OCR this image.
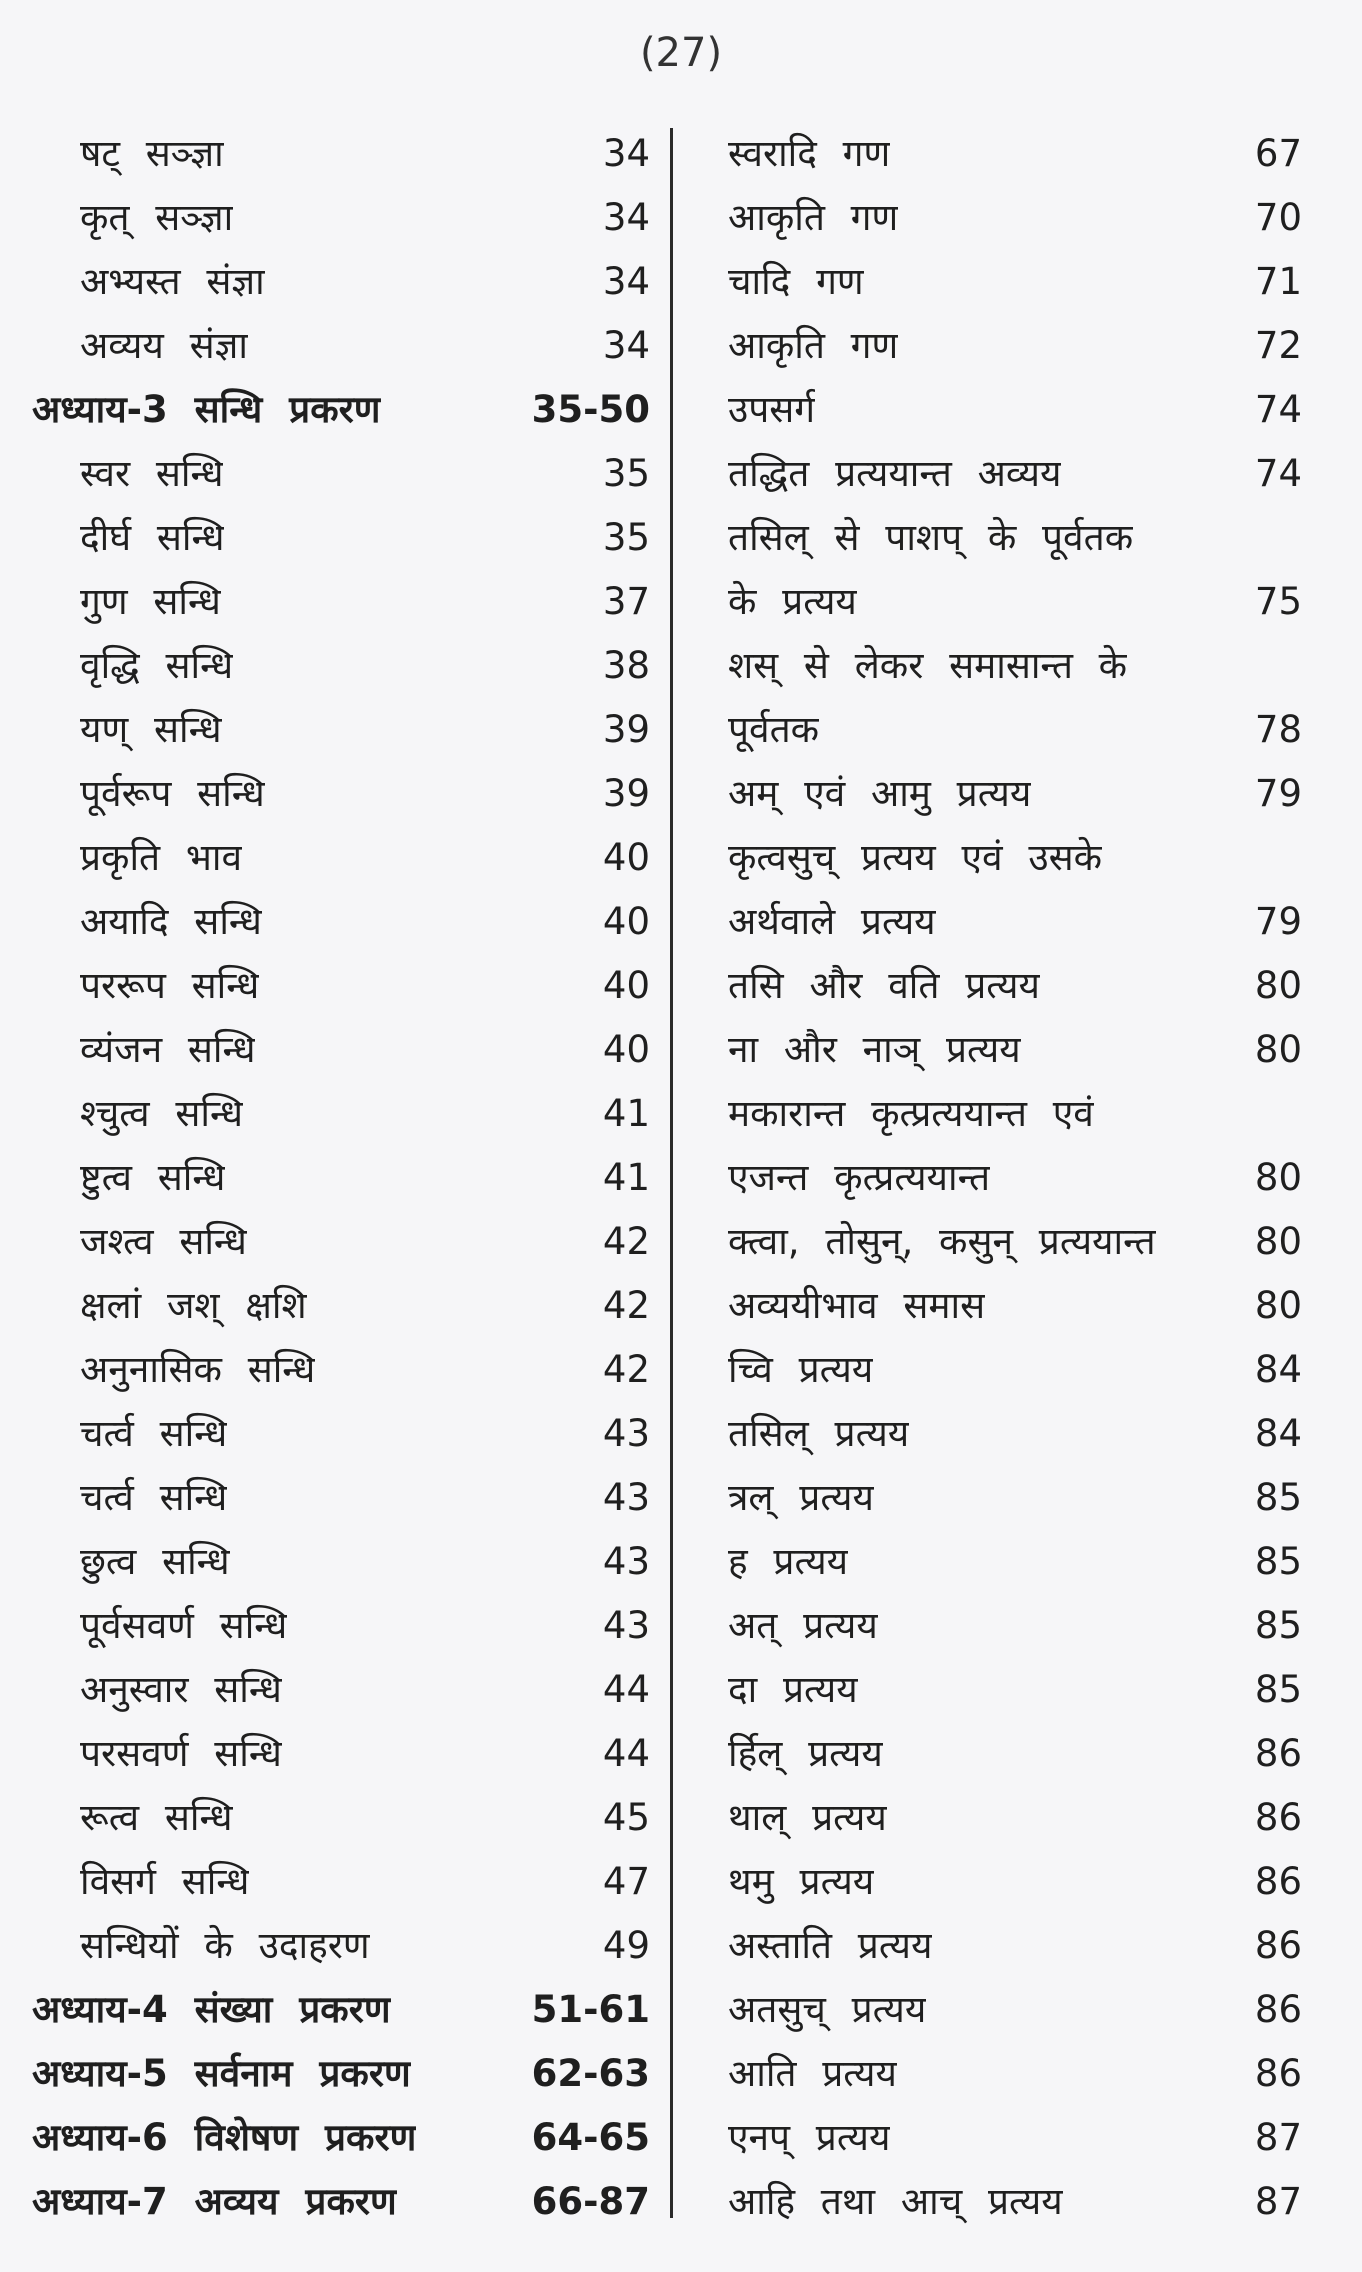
(27)
षट् सञ्ज्ञा	34
कृत् सञ्ज्ञा	34
अभ्यस्त संज्ञा	34
अव्यय संज्ञा	34
अध्याय-3 सन्धि प्रकरण	35-50
स्वर सन्धि	35
दीर्घ सन्धि	35
गुण सन्धि	37
वृद्धि सन्धि	38
यण् सन्धि	39
पूर्वरूप सन्धि	39
प्रकृति भाव	40
अयादि सन्धि	40
पररूप सन्धि	40
व्यंजन सन्धि	40
श्चुत्व सन्धि	41
ष्टुत्व सन्धि	41
जश्त्व सन्धि	42
क्षलां जश् क्षशि	42
अनुनासिक सन्धि	42
चर्त्व सन्धि	43
चर्त्व सन्धि	43
छुत्व सन्धि	43
पूर्वसवर्ण सन्धि	43
अनुस्वार सन्धि	44
परसवर्ण सन्धि	44
रूत्व सन्धि	45
विसर्ग सन्धि	47
सन्धियों के उदाहरण	49
अध्याय-4 संख्या प्रकरण	51-61
अध्याय-5 सर्वनाम प्रकरण	62-63
अध्याय-6 विशेषण प्रकरण	64-65
अध्याय-7 अव्यय प्रकरण	66-87
स्वरादि गण	67
आकृति गण	70
चादि गण	71
आकृति गण	72
उपसर्ग	74
तद्धित प्रत्ययान्त अव्यय	74
तसिल् से पाशप् के पूर्वतक
के प्रत्यय	75
शस् से लेकर समासान्त के
पूर्वतक	78
अम् एवं आमु प्रत्यय	79
कृत्वसुच् प्रत्यय एवं उसके
अर्थवाले प्रत्यय	79
तसि और वति प्रत्यय	80
ना और नाञ् प्रत्यय	80
मकारान्त कृत्प्रत्ययान्त एवं
एजन्त कृत्प्रत्ययान्त	80
क्त्वा, तोसुन्, कसुन् प्रत्ययान्त	80
अव्ययीभाव समास	80
च्वि प्रत्यय	84
तसिल् प्रत्यय	84
त्रल् प्रत्यय	85
ह प्रत्यय	85
अत् प्रत्यय	85
दा प्रत्यय	85
र्हिल् प्रत्यय	86
थाल् प्रत्यय	86
थमु प्रत्यय	86
अस्ताति प्रत्यय	86
अतसुच् प्रत्यय	86
आति प्रत्यय	86
एनप् प्रत्यय	87
आहि तथा आच् प्रत्यय	87
